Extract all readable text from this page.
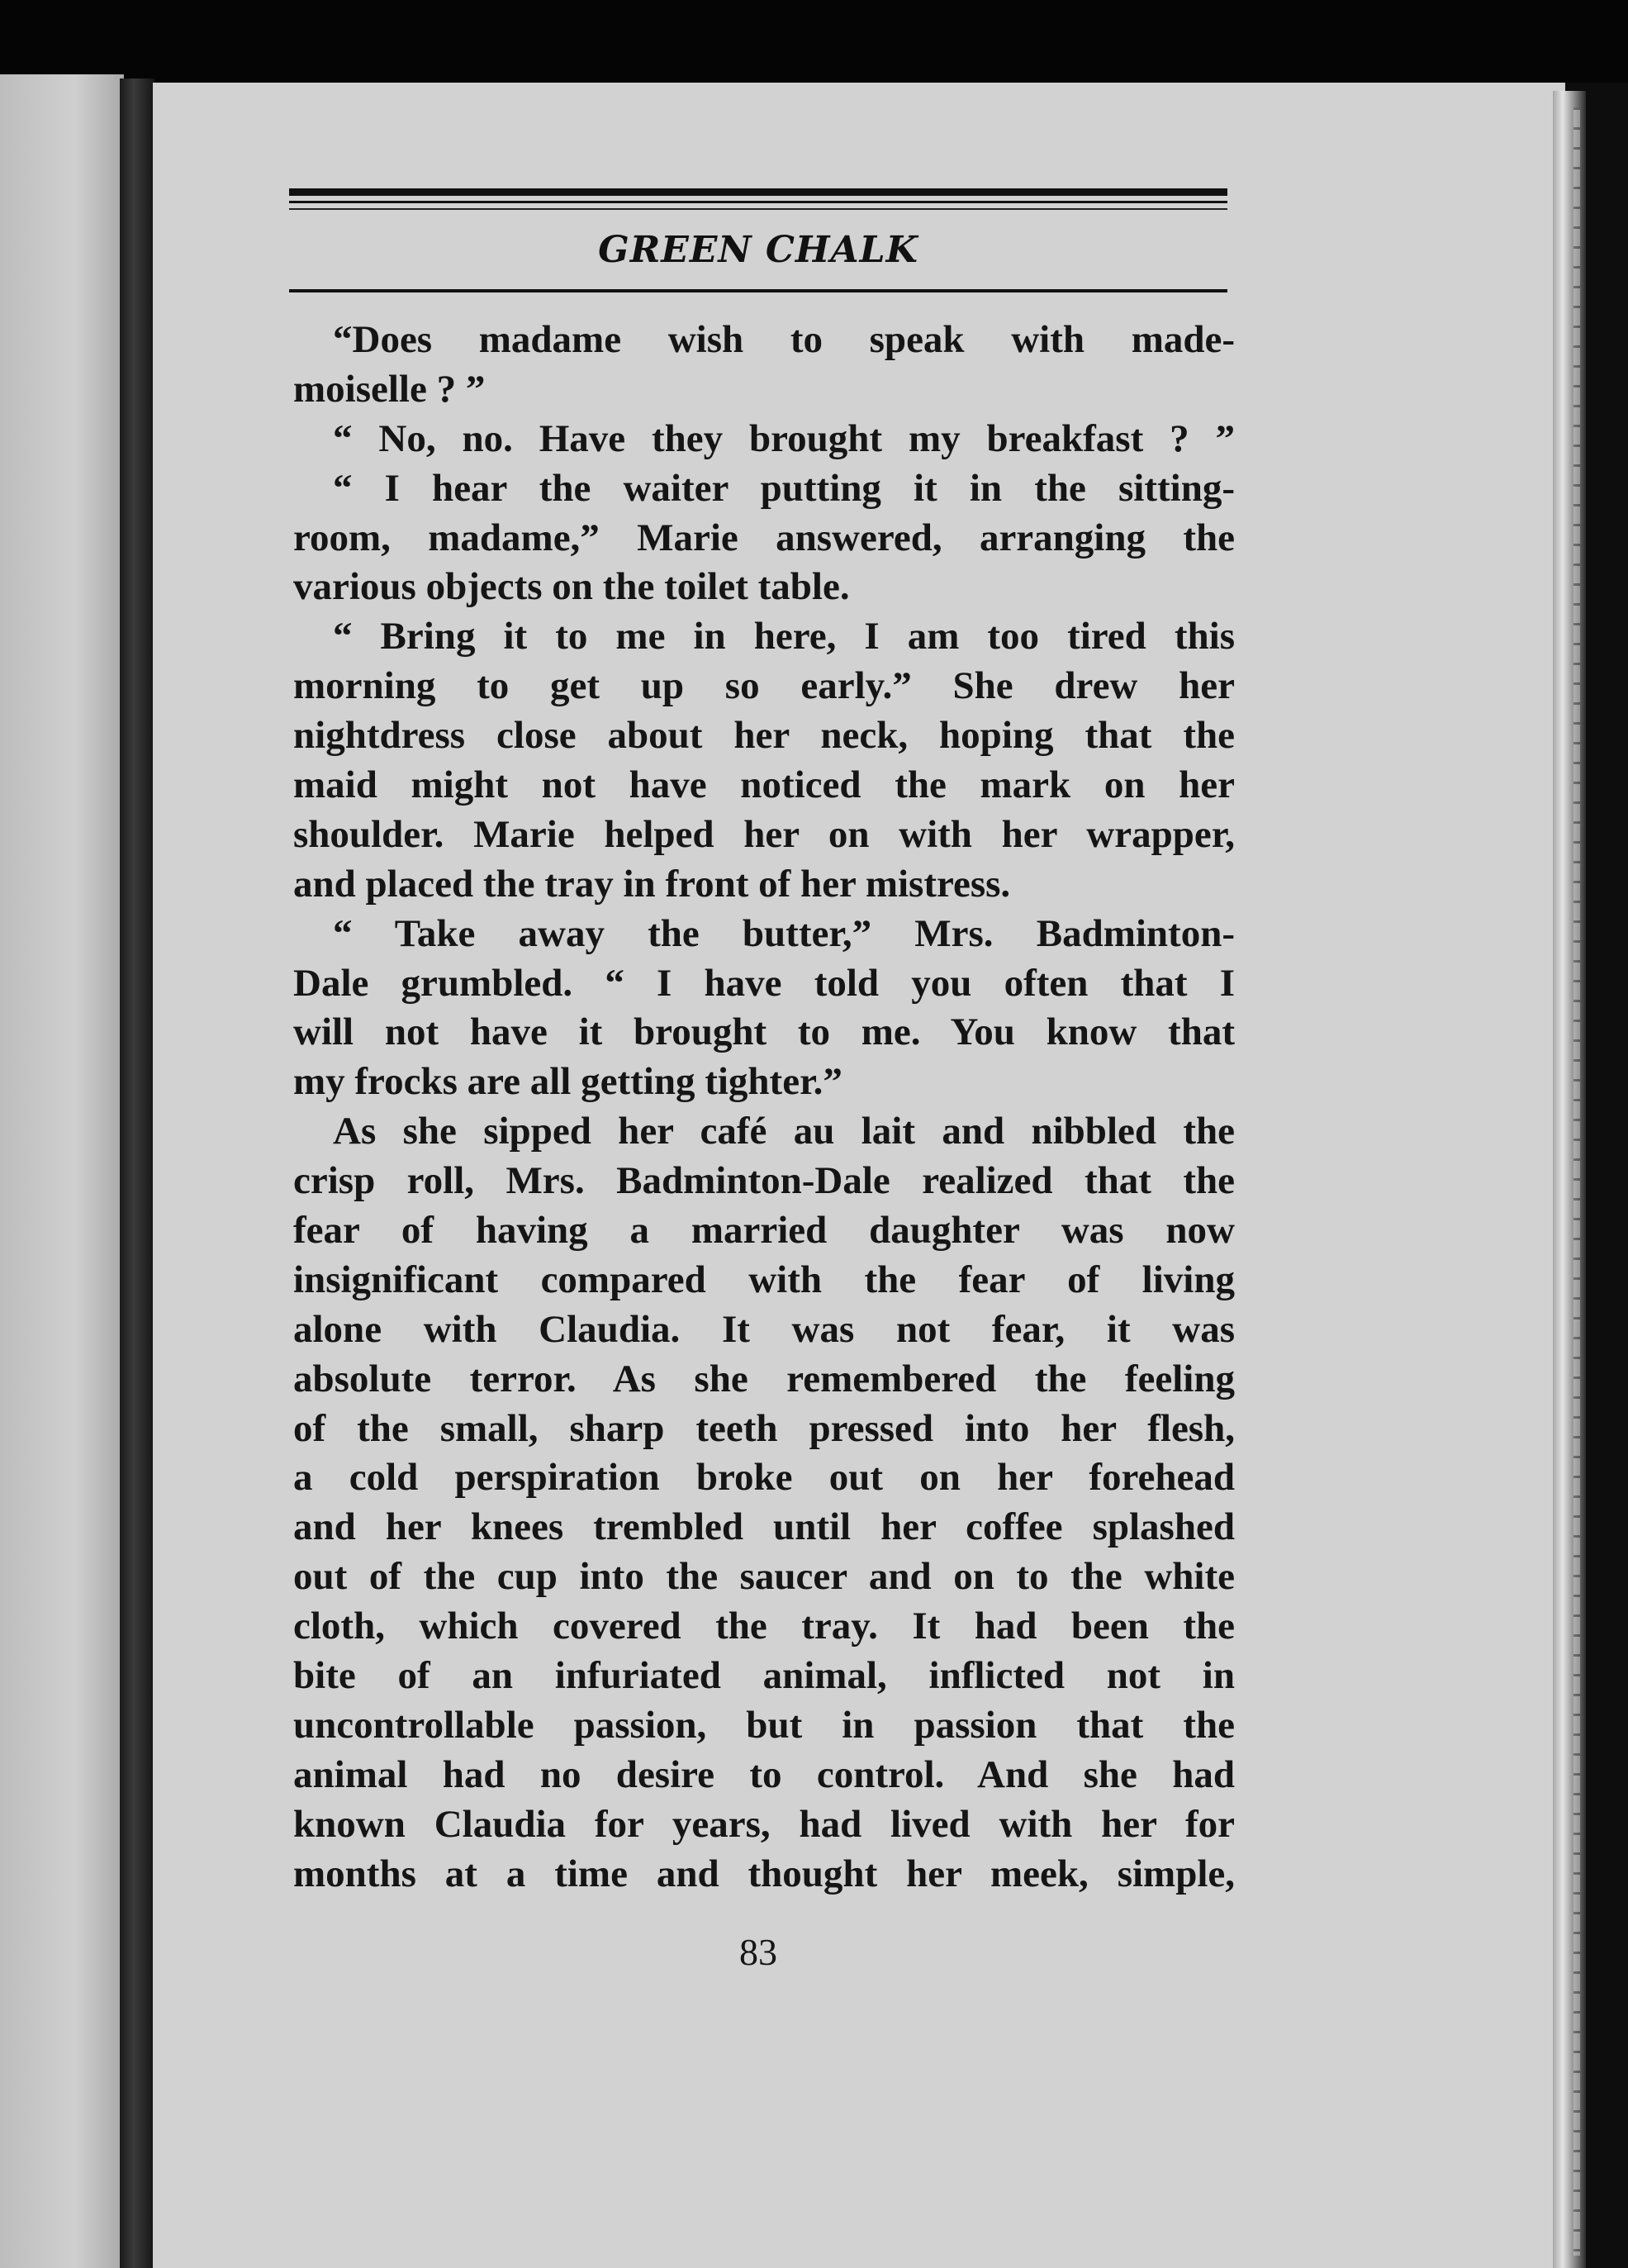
GREEN CHALK
“Does madame wish to speak with made-
moiselle ? ”
“ No, no. Have they brought my breakfast ? ”
“ I hear the waiter putting it in the sitting-
room, madame,” Marie answered, arranging the
various objects on the toilet table.
“ Bring it to me in here, I am too tired this
morning to get up so early.” She drew her
nightdress close about her neck, hoping that the
maid might not have noticed the mark on her
shoulder. Marie helped her on with her wrapper,
and placed the tray in front of her mistress.
“ Take away the butter,” Mrs. Badminton-
Dale grumbled. “ I have told you often that I
will not have it brought to me. You know that
my frocks are all getting tighter.”
As she sipped her café au lait and nibbled the
crisp roll, Mrs. Badminton-Dale realized that the
fear of having a married daughter was now
insignificant compared with the fear of living
alone with Claudia. It was not fear, it was
absolute terror. As she remembered the feeling
of the small, sharp teeth pressed into her flesh,
a cold perspiration broke out on her forehead
and her knees trembled until her coffee splashed
out of the cup into the saucer and on to the white
cloth, which covered the tray. It had been the
bite of an infuriated animal, inflicted not in
uncontrollable passion, but in passion that the
animal had no desire to control. And she had
known Claudia for years, had lived with her for
months at a time and thought her meek, simple,

83
